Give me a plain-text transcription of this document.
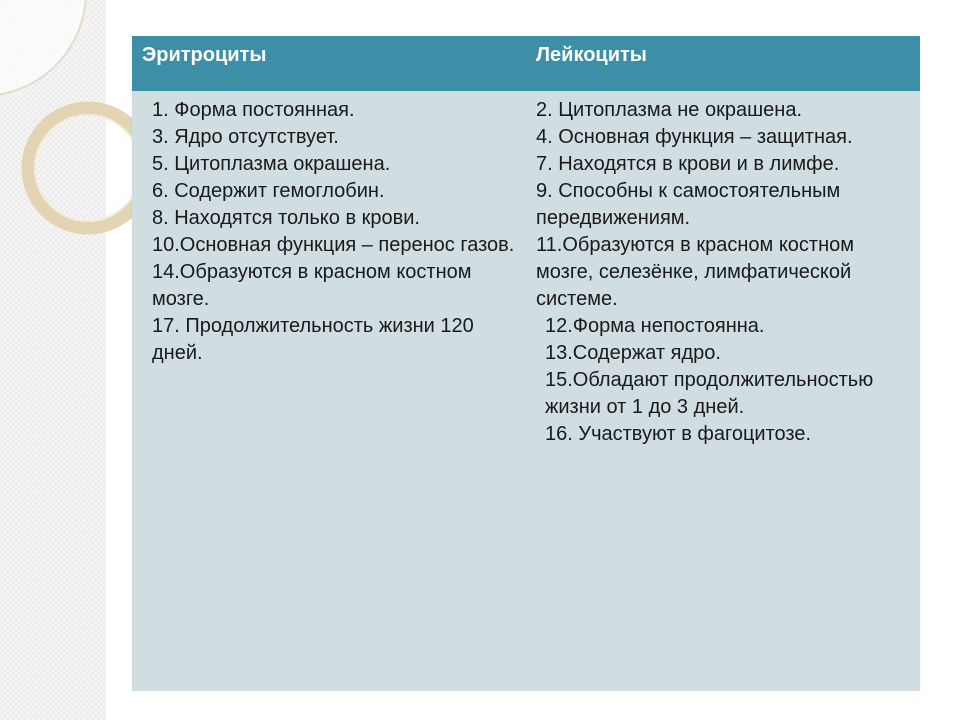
Эритроциты	Лейкоциты
1. Форма постоянная.
3. Ядро отсутствует.
5. Цитоплазма окрашена.
6. Содержит гемоглобин.
8. Находятся только в крови.
10.Основная функция – перенос газов.
14.Образуются в красном костном мозге.
17. Продолжительность жизни 120 дней.
2. Цитоплазма не окрашена.
4. Основная функция – защитная.
7. Находятся в крови и в лимфе.
9. Способны к самостоятельным передвижениям.
11.Образуются в красном костном мозге, селезёнке, лимфатической системе.
12.Форма непостоянна.
13.Содержат ядро.
15.Обладают продолжительностью жизни от 1 до 3 дней.
16. Участвуют в фагоцитозе.
